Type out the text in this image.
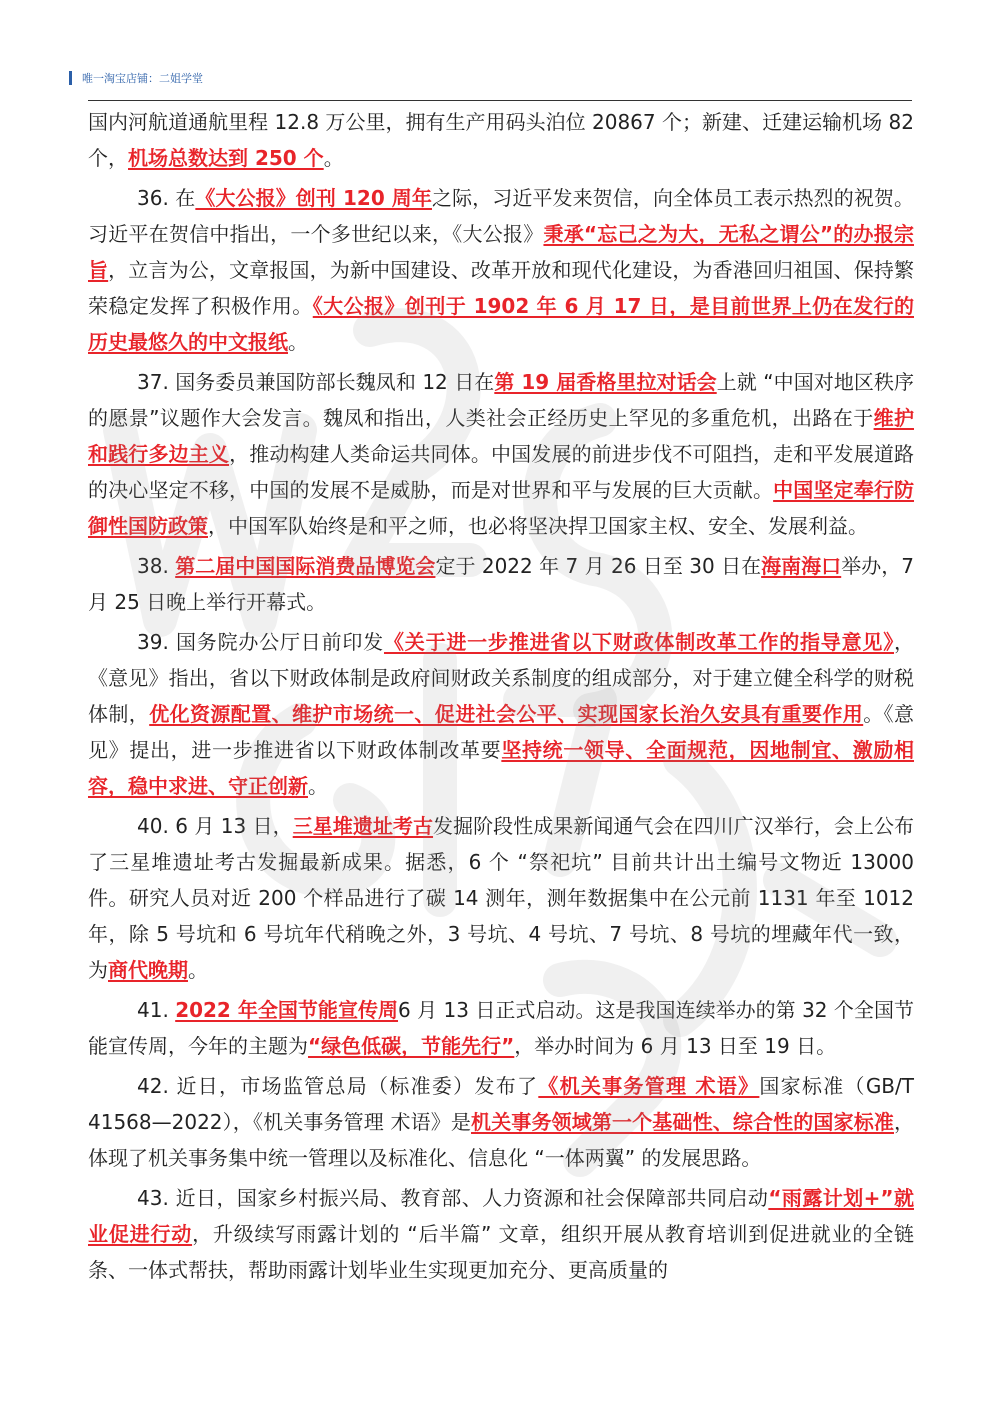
唯一淘宝店铺：二姐学堂

国内河航道通航里程 12.8 万公里，拥有生产用码头泊位 20867 个；新建、迁建运输机场 82 个，机场总数达到 250 个。

36. 在《大公报》创刊 120 周年之际，习近平发来贺信，向全体员工表示热烈的祝贺。习近平在贺信中指出，一个多世纪以来，《大公报》秉承“忘己之为大，无私之谓公”的办报宗旨，立言为公，文章报国，为新中国建设、改革开放和现代化建设，为香港回归祖国、保持繁荣稳定发挥了积极作用。《大公报》创刊于 1902 年 6 月 17 日，是目前世界上仍在发行的历史最悠久的中文报纸。

37. 国务委员兼国防部长魏凤和 12 日在第 19 届香格里拉对话会上就 “中国对地区秩序的愿景”议题作大会发言。魏凤和指出，人类社会正经历史上罕见的多重危机，出路在于维护和践行多边主义，推动构建人类命运共同体。中国发展的前进步伐不可阻挡，走和平发展道路的决心坚定不移，中国的发展不是威胁，而是对世界和平与发展的巨大贡献。中国坚定奉行防御性国防政策，中国军队始终是和平之师，也必将坚决捍卫国家主权、安全、发展利益。

38. 第二届中国国际消费品博览会定于 2022 年 7 月 26 日至 30 日在海南海口举办，7 月 25 日晚上举行开幕式。

39. 国务院办公厅日前印发《关于进一步推进省以下财政体制改革工作的指导意见》，《意见》指出，省以下财政体制是政府间财政关系制度的组成部分，对于建立健全科学的财税体制，优化资源配置、维护市场统一、促进社会公平、实现国家长治久安具有重要作用。《意见》提出，进一步推进省以下财政体制改革要坚持统一领导、全面规范，因地制宜、激励相容，稳中求进、守正创新。

40. 6 月 13 日，三星堆遗址考古发掘阶段性成果新闻通气会在四川广汉举行，会上公布了三星堆遗址考古发掘最新成果。据悉，6 个 “祭祀坑” 目前共计出土编号文物近 13000 件。研究人员对近 200 个样品进行了碳 14 测年，测年数据集中在公元前 1131 年至 1012 年，除 5 号坑和 6 号坑年代稍晚之外，3 号坑、4 号坑、7 号坑、8 号坑的埋藏年代一致，为商代晚期。

41. 2022 年全国节能宣传周6 月 13 日正式启动。这是我国连续举办的第 32 个全国节能宣传周，今年的主题为“绿色低碳，节能先行”，举办时间为 6 月 13 日至 19 日。

42. 近日，市场监管总局（标准委）发布了《机关事务管理 术语》国家标准（GB/T 41568—2022），《机关事务管理 术语》是机关事务领域第一个基础性、综合性的国家标准，体现了机关事务集中统一管理以及标准化、信息化 “一体两翼” 的发展思路。

43. 近日，国家乡村振兴局、教育部、人力资源和社会保障部共同启动“雨露计划+”就业促进行动，升级续写雨露计划的 “后半篇” 文章，组织开展从教育培训到促进就业的全链条、一体式帮扶，帮助雨露计划毕业生实现更加充分、更高质量的
